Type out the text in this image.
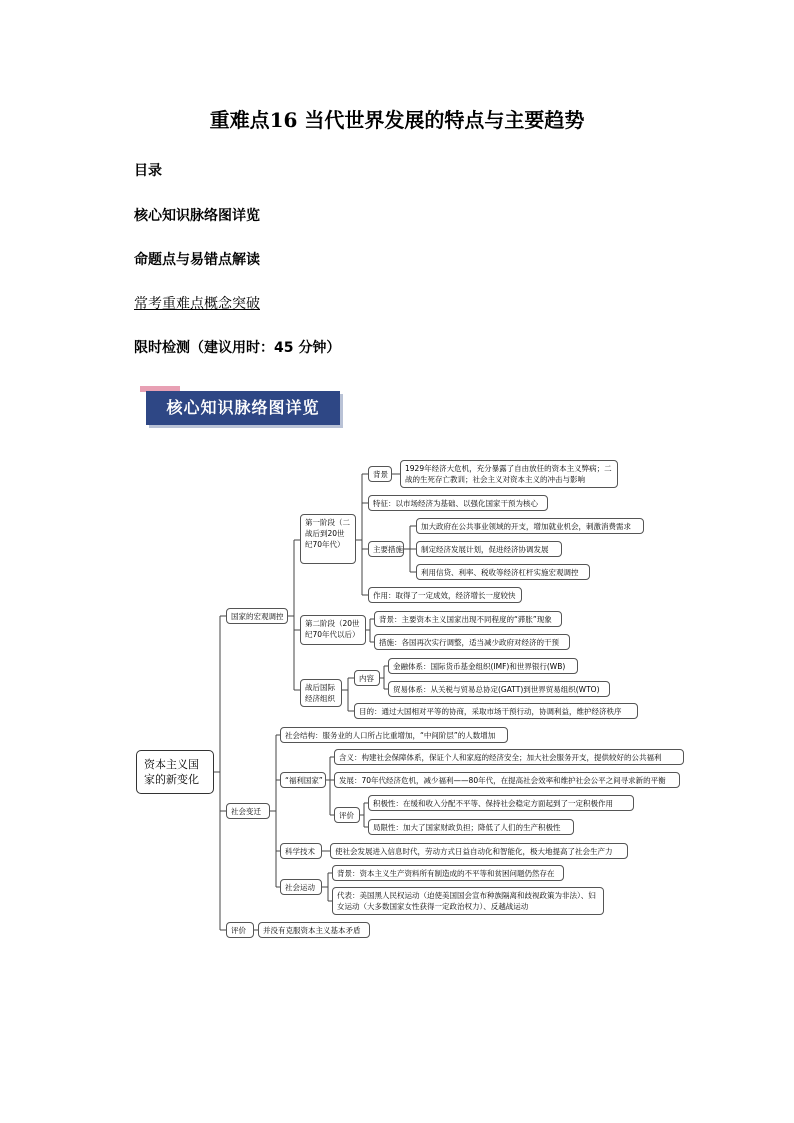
重难点16 当代世界发展的特点与主要趋势
目录
核心知识脉络图详览
命题点与易错点解读
常考重难点概念突破
限时检测（建议用时：45 分钟）
核心知识脉络图详览
资本主义国家的新变化
国家的宏观调控
社会变迁
评价	并没有克服资本主义基本矛盾
第一阶段（二战后到20世纪70年代）
背景
1929年经济大危机，充分暴露了自由放任的资本主义弊病；二战的生死存亡教训；社会主义对资本主义的冲击与影响
特征：以市场经济为基础、以强化国家干预为核心
主要措施
加大政府在公共事业领域的开支，增加就业机会，刺激消费需求
制定经济发展计划，促进经济协调发展
利用信贷、利率、税收等经济杠杆实施宏观调控
作用：取得了一定成效，经济增长一度较快
第二阶段（20世纪70年代以后）
背景：主要资本主义国家出现不同程度的“滞胀”现象
措施：各国再次实行调整，适当减少政府对经济的干预
战后国际经济组织
内容
金融体系：国际货币基金组织(IMF)和世界银行(WB)
贸易体系：从关税与贸易总协定(GATT)到世界贸易组织(WTO)
目的：通过大国相对平等的协商，采取市场干预行动，协调利益，维护经济秩序
社会结构：服务业的人口所占比重增加，“中间阶层”的人数增加
“福利国家”
含义：构建社会保障体系，保证个人和家庭的经济安全；加大社会服务开支，提供较好的公共福利
发展：70年代经济危机，减少福利——80年代，在提高社会效率和维护社会公平之间寻求新的平衡
评价
积极性：在缓和收入分配不平等、保持社会稳定方面起到了一定积极作用
局限性：加大了国家财政负担；降低了人们的生产积极性
科学技术	使社会发展进入信息时代，劳动方式日益自动化和智能化，极大地提高了社会生产力
社会运动
背景：资本主义生产资料所有制造成的不平等和贫困问题仍然存在
代表：美国黑人民权运动（迫使美国国会宣布种族隔离和歧视政策为非法）、妇女运动（大多数国家女性获得一定政治权力）、反越战运动
